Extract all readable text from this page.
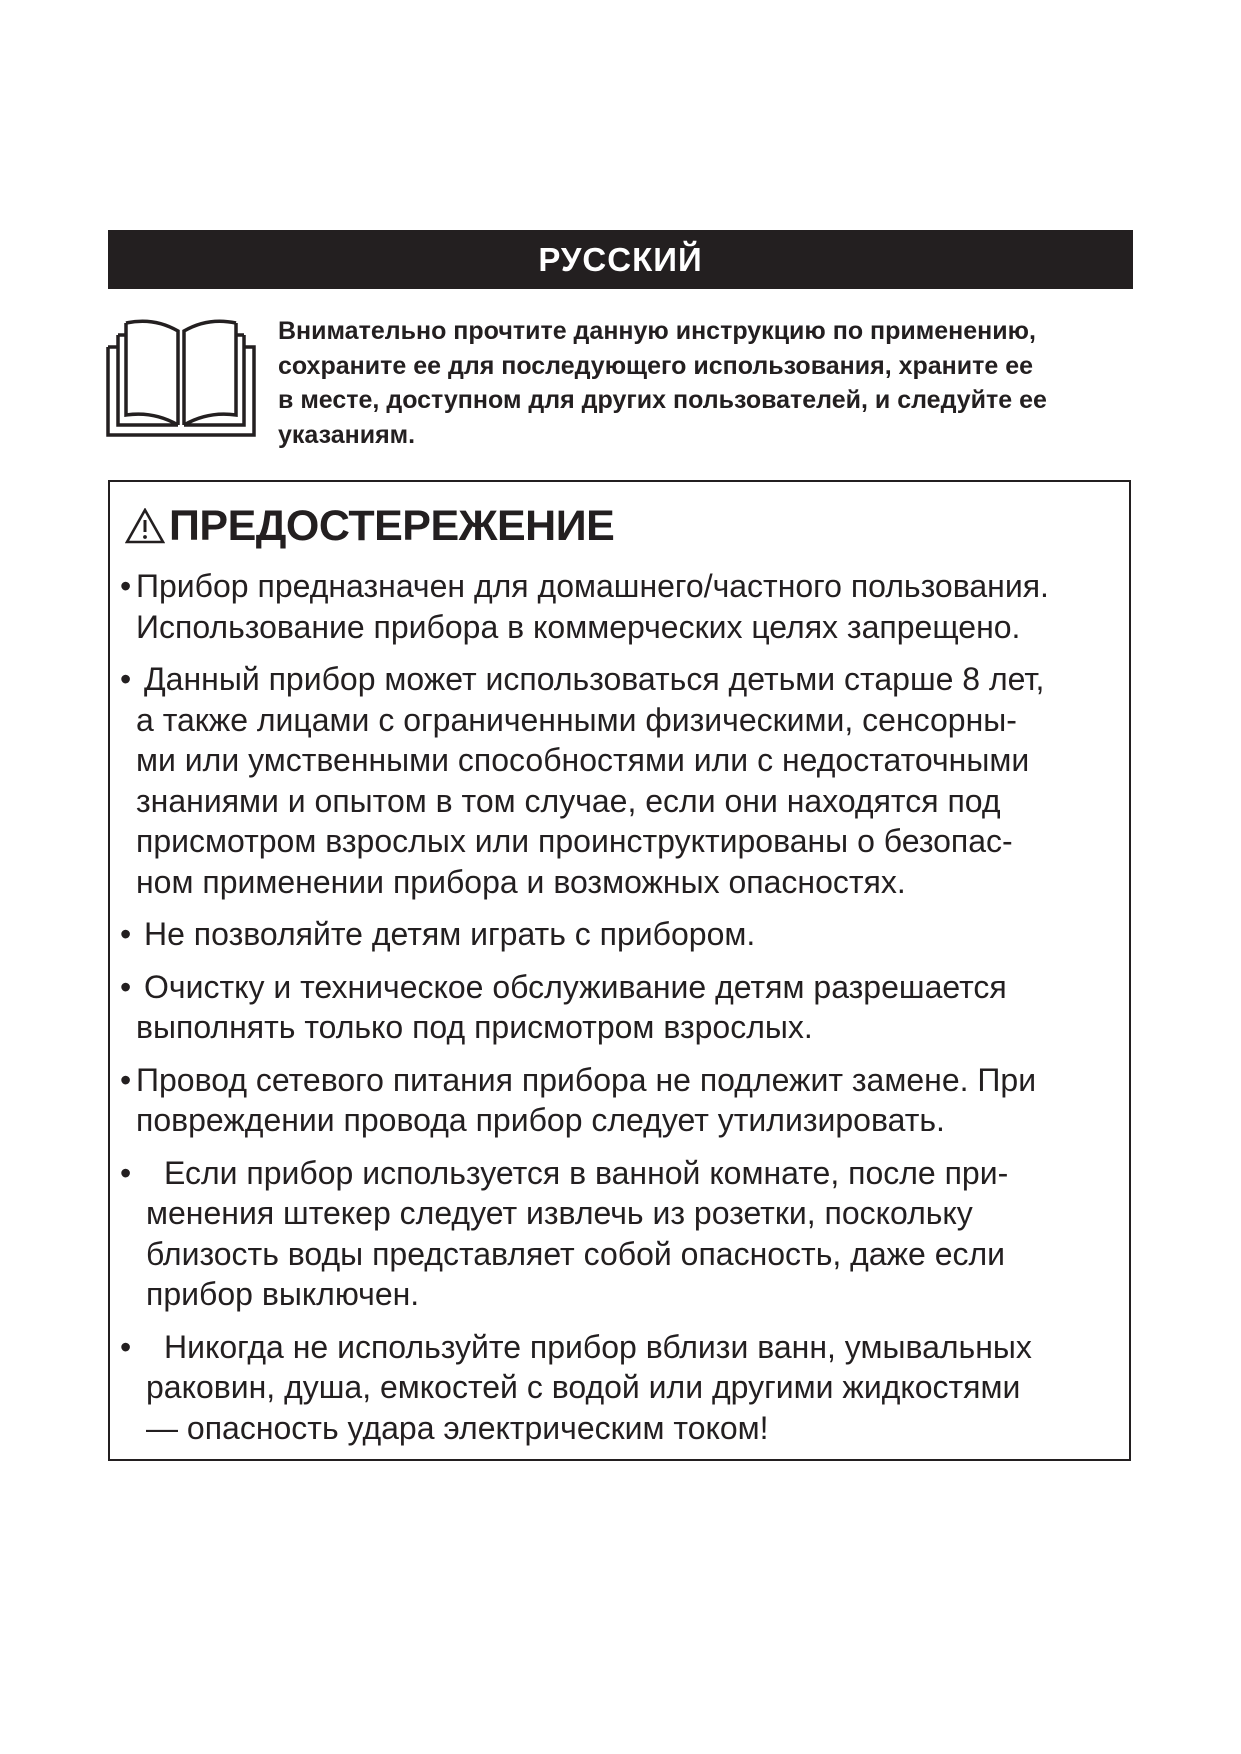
РУССКИЙ
Внимательно прочтите данную инструкцию по применению,
сохраните ее для последующего использования, храните ее
в месте, доступном для других пользователей, и следуйте ее
указаниям.
ПРЕДОСТЕРЕЖЕНИЕ
• Прибор предназначен для домашнего/частного пользования.
Использование прибора в коммерческих целях запрещено.
• Данный прибор может использоваться детьми старше 8 лет,
а также лицами с ограниченными физическими, сенсорны-
ми или умственными способностями или с недостаточными
знаниями и опытом в том случае, если они находятся под
присмотром взрослых или проинструктированы о безопас-
ном применении прибора и возможных опасностях.
• Не позволяйте детям играть с прибором.
• Очистку и техническое обслуживание детям разрешается
выполнять только под присмотром взрослых.
• Провод сетевого питания прибора не подлежит замене. При
повреждении провода прибор следует утилизировать.
•	Если прибор используется в ванной комнате, после при-
менения штекер следует извлечь из розетки, поскольку
близость воды представляет собой опасность, даже если
прибор выключен.
•	Никогда не используйте прибор вблизи ванн, умывальных
раковин, душа, емкостей с водой или другими жидкостями
— опасность удара электрическим током!
